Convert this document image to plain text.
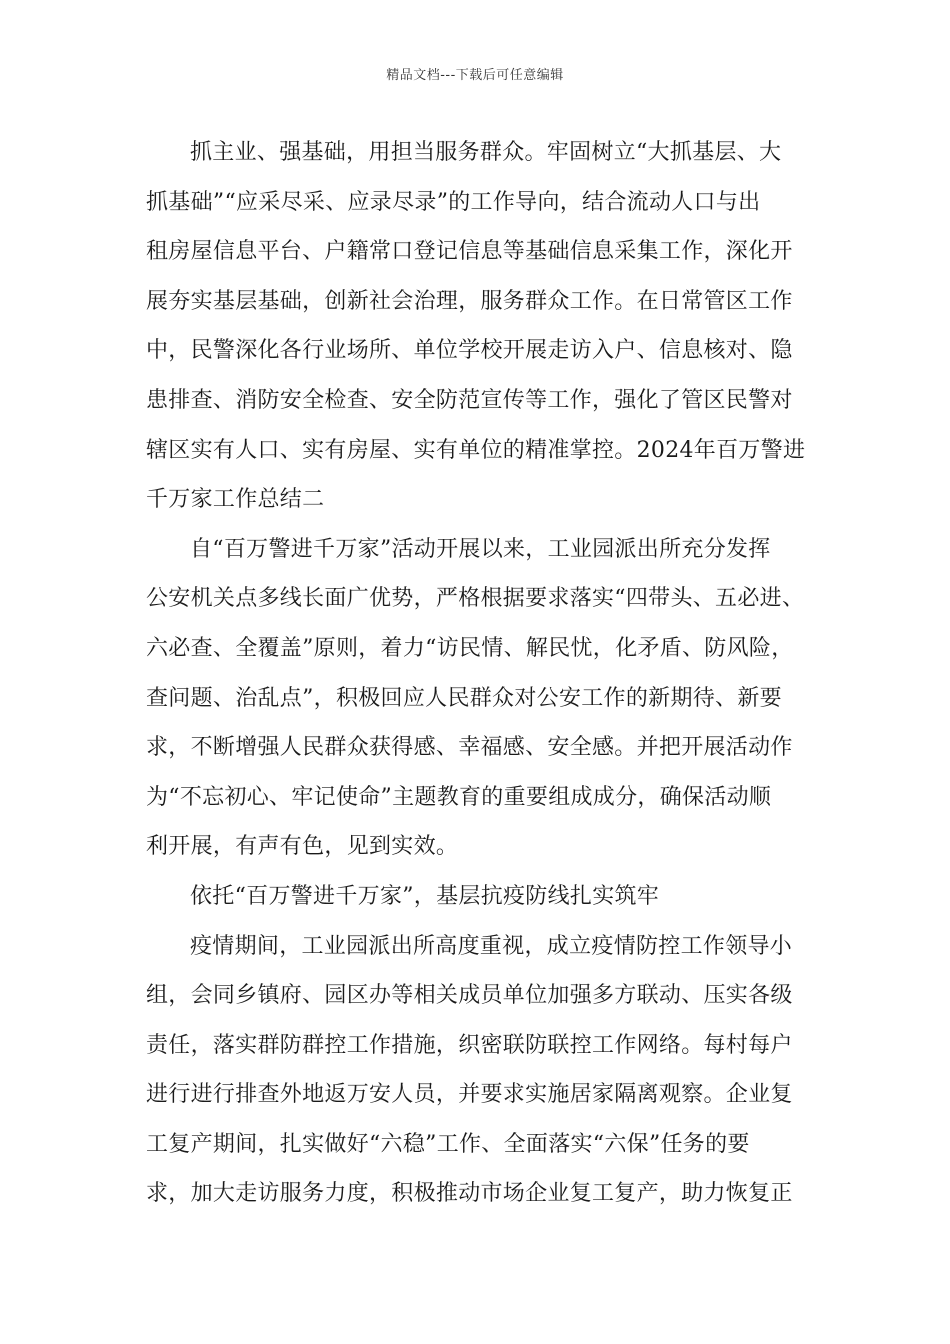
精品文档---下载后可任意编辑
抓主业、强基础，用担当服务群众。牢固树立“大抓基层、大
抓基础”“应采尽采、应录尽录”的工作导向，结合流动人口与出
租房屋信息平台、户籍常口登记信息等基础信息采集工作，深化开
展夯实基层基础，创新社会治理，服务群众工作。在日常管区工作
中，民警深化各行业场所、单位学校开展走访入户、信息核对、隐
患排查、消防安全检查、安全防范宣传等工作，强化了管区民警对
辖区实有人口、实有房屋、实有单位的精准掌控。2024年百万警进
千万家工作总结二
自“百万警进千万家”活动开展以来，工业园派出所充分发挥
公安机关点多线长面广优势，严格根据要求落实“四带头、五必进、
六必查、全覆盖”原则，着力“访民情、解民忧，化矛盾、防风险，
查问题、治乱点”，积极回应人民群众对公安工作的新期待、新要
求，不断增强人民群众获得感、幸福感、安全感。并把开展活动作
为“不忘初心、牢记使命”主题教育的重要组成成分，确保活动顺
利开展，有声有色，见到实效。
依托“百万警进千万家”，基层抗疫防线扎实筑牢
疫情期间，工业园派出所高度重视，成立疫情防控工作领导小
组，会同乡镇府、园区办等相关成员单位加强多方联动、压实各级
责任，落实群防群控工作措施，织密联防联控工作网络。每村每户
进行进行排查外地返万安人员，并要求实施居家隔离观察。企业复
工复产期间，扎实做好“六稳”工作、全面落实“六保”任务的要
求，加大走访服务力度，积极推动市场企业复工复产，助力恢复正
